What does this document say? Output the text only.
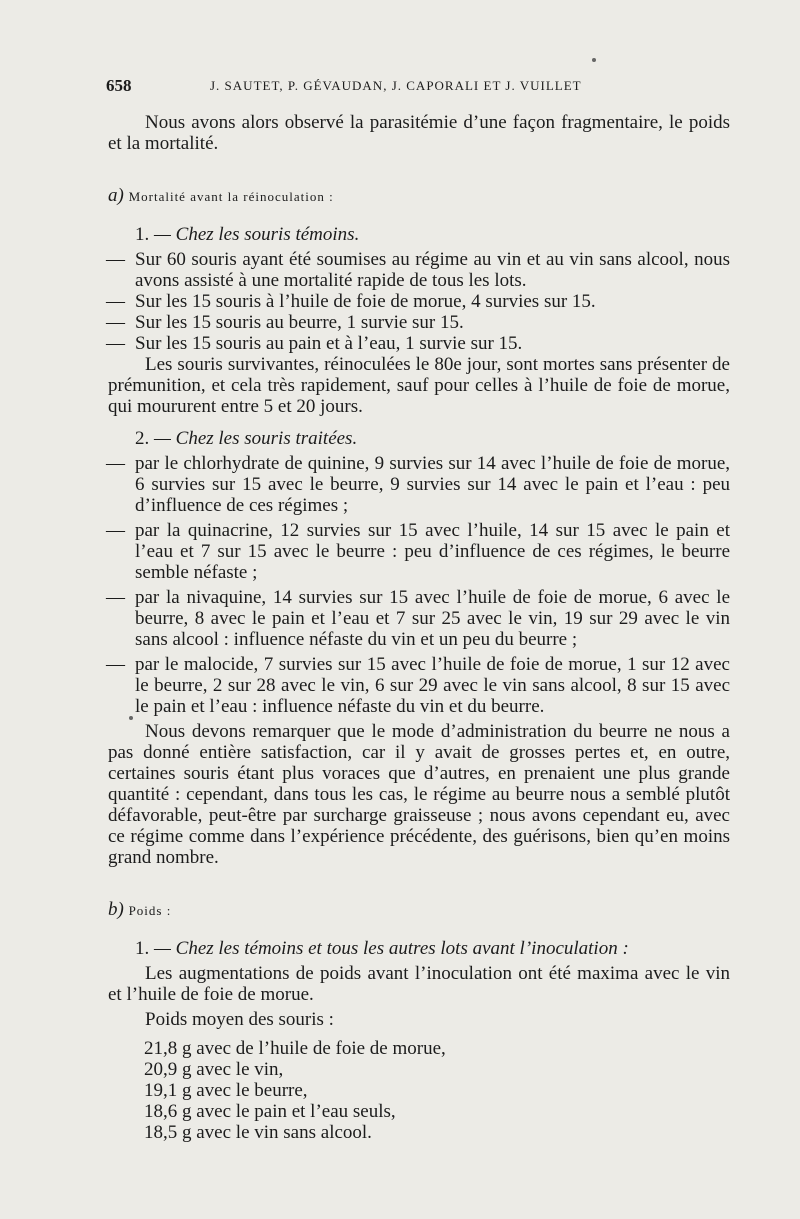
658	J. SAUTET, P. GÉVAUDAN, J. CAPORALI ET J. VUILLET

Nous avons alors observé la parasitémie d’une façon fragmentaire, le poids et la mortalité.

a) Mortalité avant la réinoculation :
1. — Chez les souris témoins.

— Sur 60 souris ayant été soumises au régime au vin et au vin sans alcool, nous avons assisté à une mortalité rapide de tous les lots.

— Sur les 15 souris à l’huile de foie de morue, 4 survies sur 15.

— Sur les 15 souris au beurre, 1 survie sur 15.

— Sur les 15 souris au pain et à l’eau, 1 survie sur 15.

Les souris survivantes, réinoculées le 80e jour, sont mortes sans présenter de prémunition, et cela très rapidement, sauf pour celles à l’huile de foie de morue, qui moururent entre 5 et 20 jours.

2. — Chez les souris traitées.

— par le chlorhydrate de quinine, 9 survies sur 14 avec l’huile de foie de morue, 6 survies sur 15 avec le beurre, 9 survies sur 14 avec le pain et l’eau : peu d’influence de ces régimes ;

— par la quinacrine, 12 survies sur 15 avec l’huile, 14 sur 15 avec le pain et l’eau et 7 sur 15 avec le beurre : peu d’influence de ces régimes, le beurre semble néfaste ;

— par la nivaquine, 14 survies sur 15 avec l’huile de foie de morue, 6 avec le beurre, 8 avec le pain et l’eau et 7 sur 25 avec le vin, 19 sur 29 avec le vin sans alcool : influence néfaste du vin et un peu du beurre ;

— par le malocide, 7 survies sur 15 avec l’huile de foie de morue, 1 sur 12 avec le beurre, 2 sur 28 avec le vin, 6 sur 29 avec le vin sans alcool, 8 sur 15 avec le pain et l’eau : influence néfaste du vin et du beurre.

Nous devons remarquer que le mode d’administration du beurre ne nous a pas donné entière satisfaction, car il y avait de grosses pertes et, en outre, certaines souris étant plus voraces que d’autres, en prenaient une plus grande quantité : cependant, dans tous les cas, le régime au beurre nous a semblé plutôt défavorable, peut-être par surcharge graisseuse ; nous avons cependant eu, avec ce régime comme dans l’expérience précédente, des guérisons, bien qu’en moins grand nombre.

b) Poids :
1. — Chez les témoins et tous les autres lots avant l’inoculation :

Les augmentations de poids avant l’inoculation ont été maxima avec le vin et l’huile de foie de morue.

Poids moyen des souris :

21,8 g avec de l’huile de foie de morue,
20,9 g avec le vin,
19,1 g avec le beurre,
18,6 g avec le pain et l’eau seuls,
18,5 g avec le vin sans alcool.
